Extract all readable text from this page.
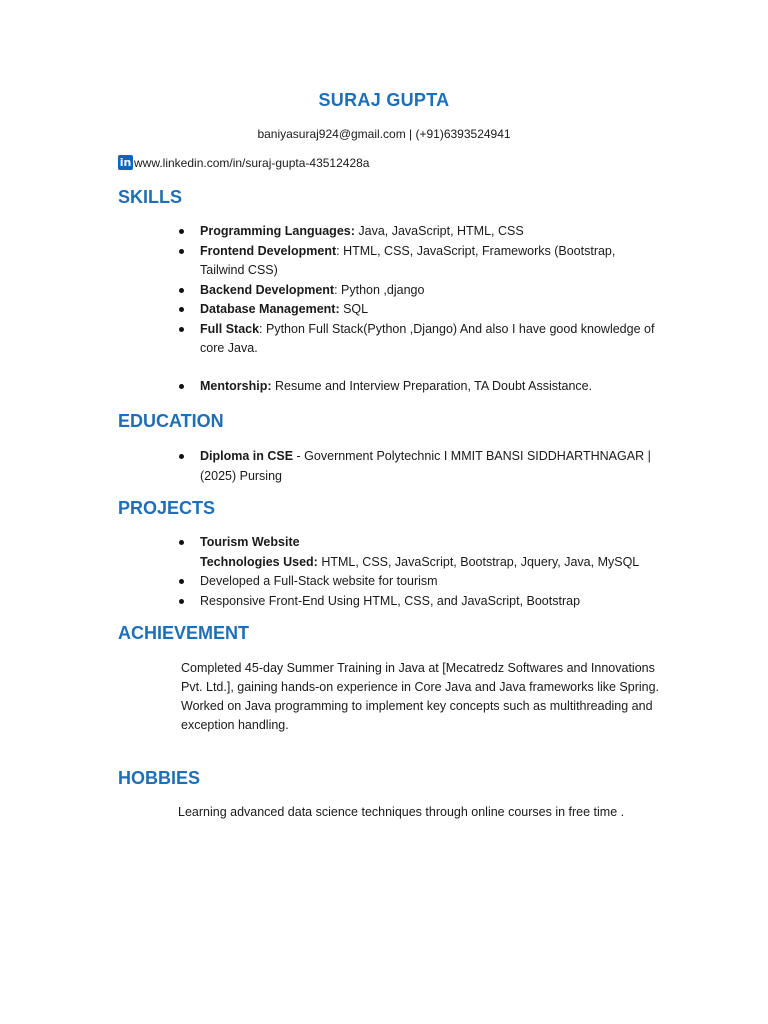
SURAJ GUPTA
baniyasuraj924@gmail.com | (+91)6393524941
in www.linkedin.com/in/suraj-gupta-43512428a
SKILLS
Programming Languages: Java, JavaScript, HTML, CSS
Frontend Development: HTML, CSS, JavaScript, Frameworks (Bootstrap, Tailwind CSS)
Backend Development: Python ,django
Database Management: SQL
Full Stack: Python Full Stack(Python ,Django) And also I have good knowledge of core Java.
Mentorship: Resume and Interview Preparation, TA Doubt Assistance.
EDUCATION
Diploma in CSE - Government Polytechnic I MMIT BANSI SIDDHARTHNAGAR | (2025) Pursing
PROJECTS
Tourism Website
Technologies Used: HTML, CSS, JavaScript, Bootstrap, Jquery, Java, MySQL
Developed a Full-Stack website for tourism
Responsive Front-End Using HTML, CSS, and JavaScript, Bootstrap
ACHIEVEMENT
Completed 45-day Summer Training in Java at [Mecatredz Softwares and Innovations Pvt. Ltd.], gaining hands-on experience in Core Java and Java frameworks like Spring.
Worked on Java programming to implement key concepts such as multithreading and exception handling.
HOBBIES
Learning advanced data science techniques through online courses in free time .
